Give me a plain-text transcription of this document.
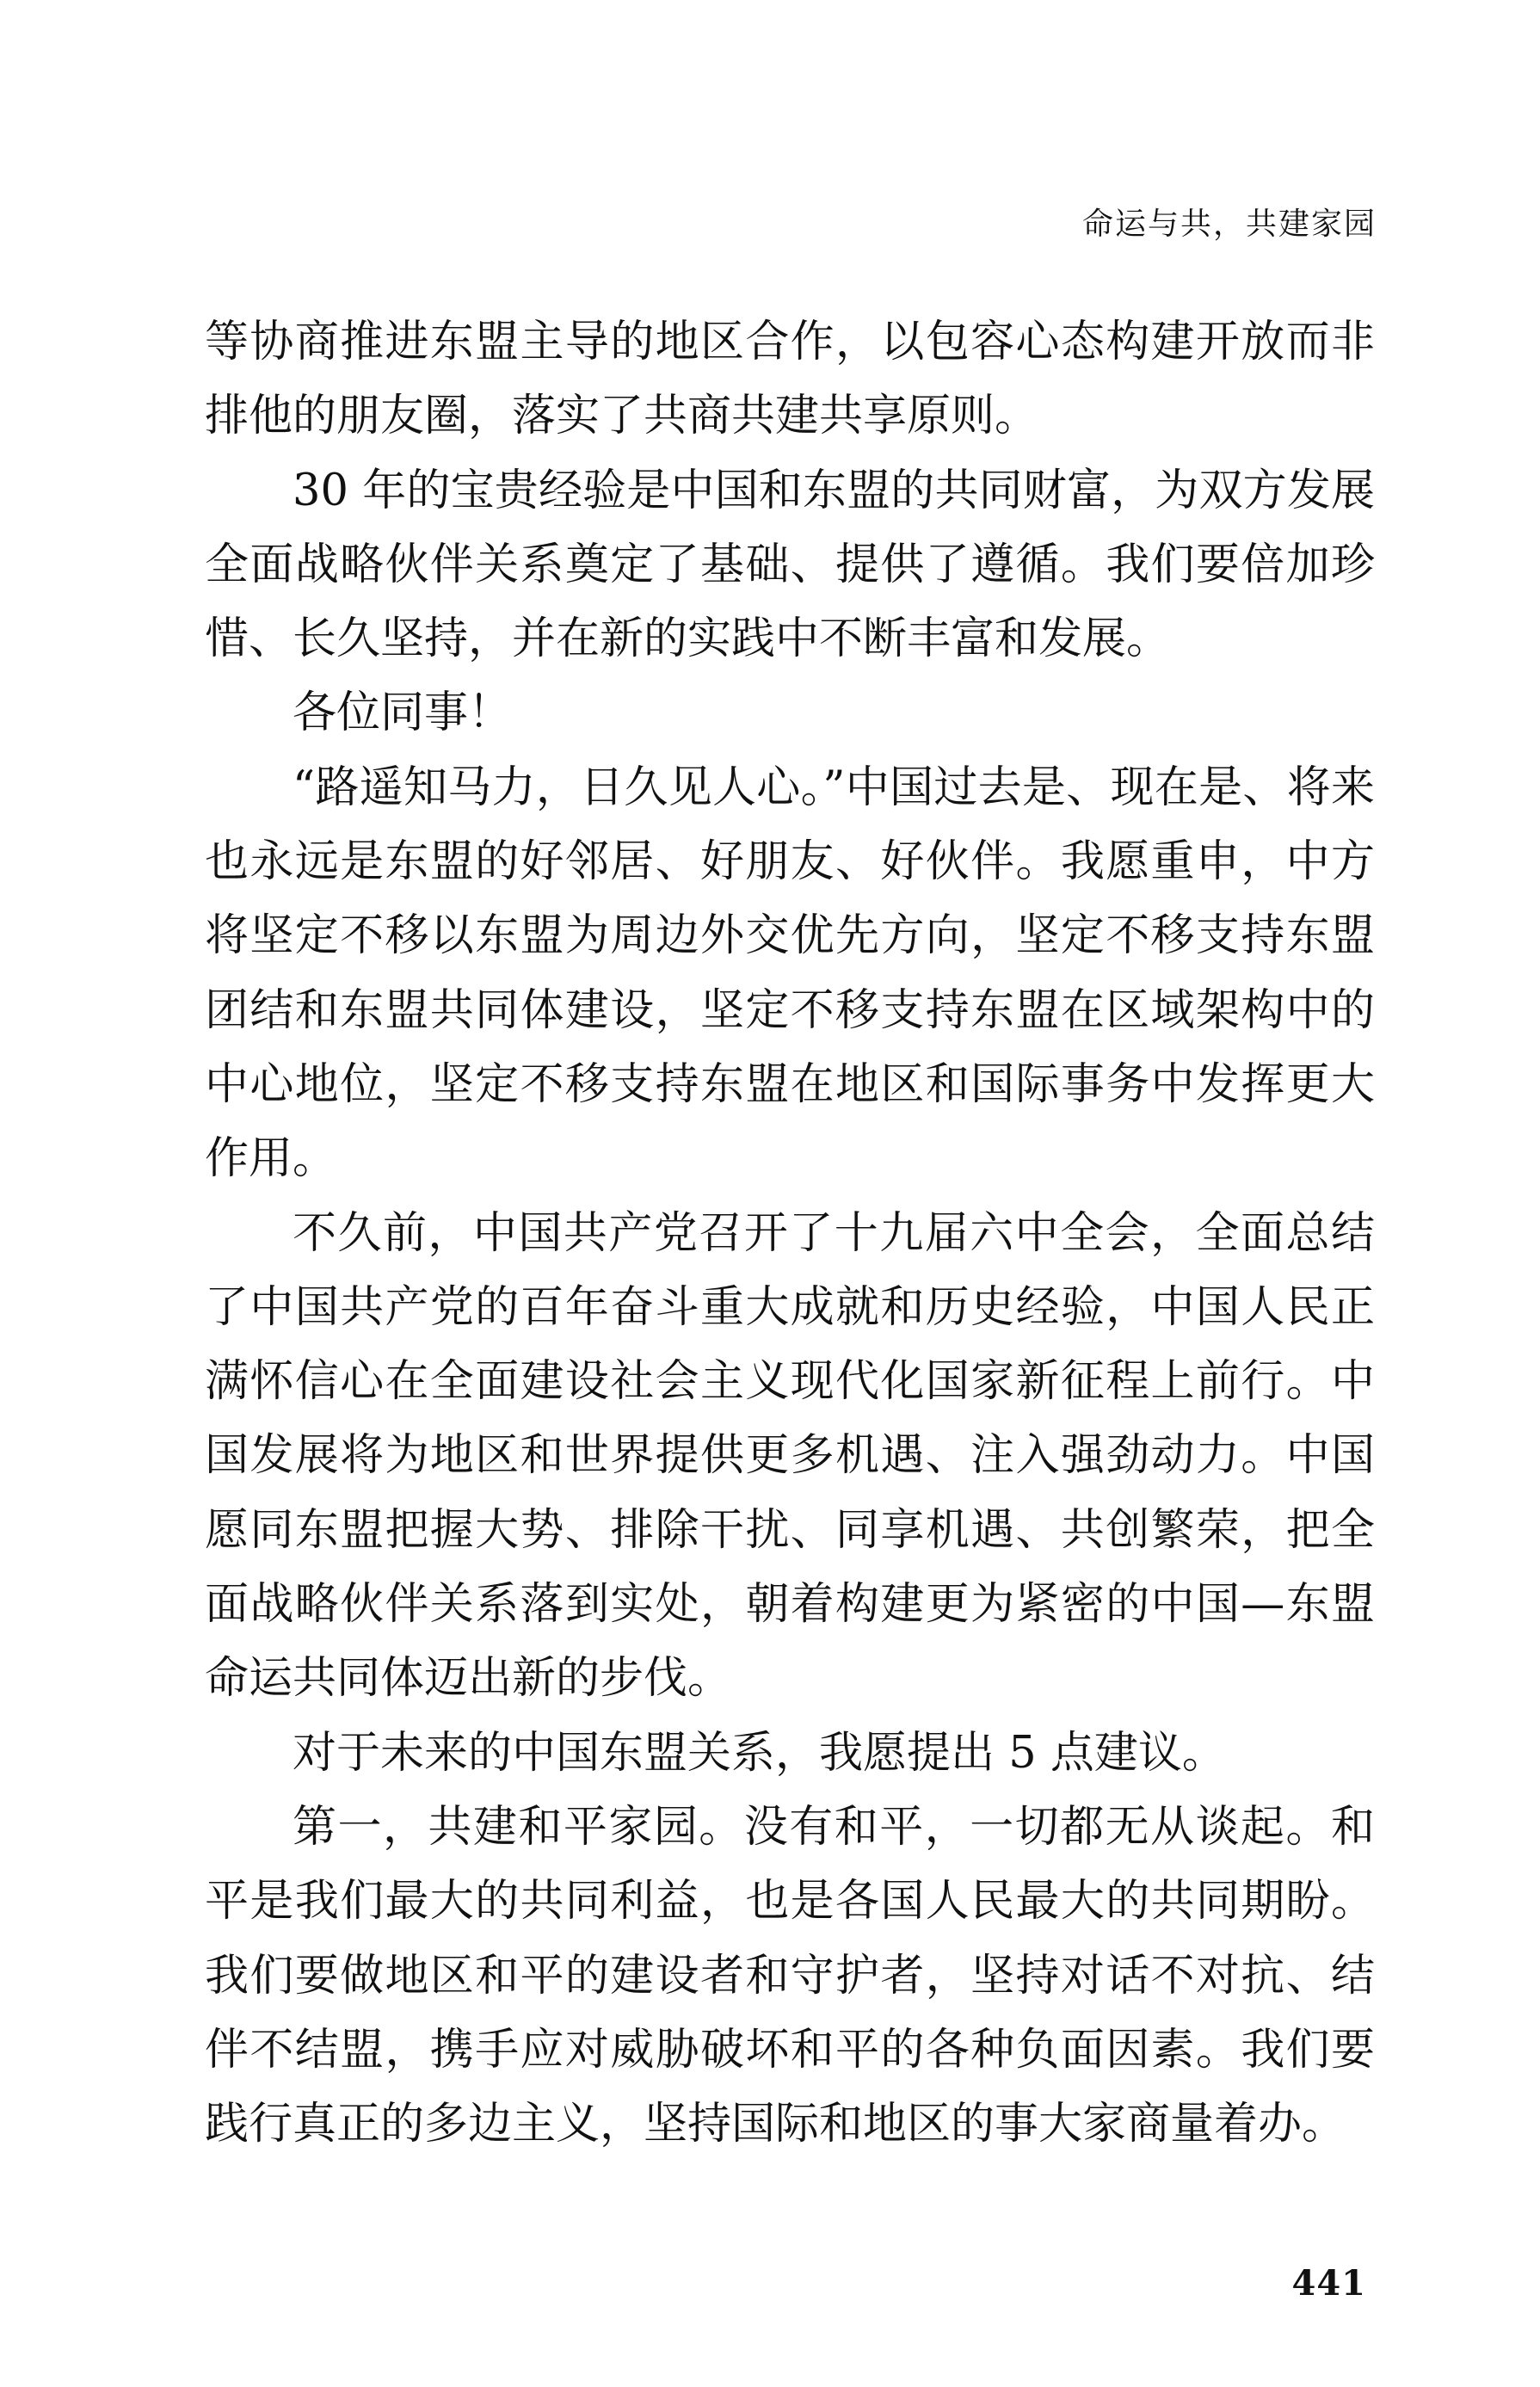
命运与共，共建家园

等协商推进东盟主导的地区合作，以包容心态构建开放而非排他的朋友圈，落实了共商共建共享原则。

30 年的宝贵经验是中国和东盟的共同财富，为双方发展全面战略伙伴关系奠定了基础、提供了遵循。我们要倍加珍惜、长久坚持，并在新的实践中不断丰富和发展。

各位同事！

“路遥知马力，日久见人心。”中国过去是、现在是、将来也永远是东盟的好邻居、好朋友、好伙伴。我愿重申，中方将坚定不移以东盟为周边外交优先方向，坚定不移支持东盟团结和东盟共同体建设，坚定不移支持东盟在区域架构中的中心地位，坚定不移支持东盟在地区和国际事务中发挥更大作用。

不久前，中国共产党召开了十九届六中全会，全面总结了中国共产党的百年奋斗重大成就和历史经验，中国人民正满怀信心在全面建设社会主义现代化国家新征程上前行。中国发展将为地区和世界提供更多机遇、注入强劲动力。中国愿同东盟把握大势、排除干扰、同享机遇、共创繁荣，把全面战略伙伴关系落到实处，朝着构建更为紧密的中国—东盟命运共同体迈出新的步伐。

对于未来的中国东盟关系，我愿提出 5 点建议。

第一，共建和平家园。没有和平，一切都无从谈起。和平是我们最大的共同利益，也是各国人民最大的共同期盼。我们要做地区和平的建设者和守护者，坚持对话不对抗、结伴不结盟，携手应对威胁破坏和平的各种负面因素。我们要践行真正的多边主义，坚持国际和地区的事大家商量着办。

441
